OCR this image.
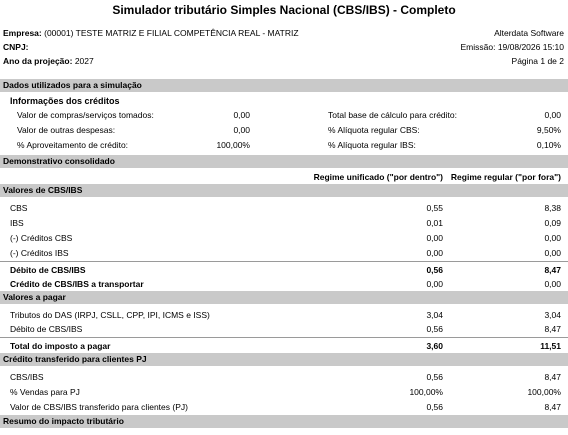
Simulador tributário Simples Nacional (CBS/IBS) - Completo
Empresa: (00001) TESTE MATRIZ E FILIAL COMPETÊNCIA REAL - MATRIZ
CNPJ:
Ano da projeção: 2027
Alterdata Software
Emissão: 19/08/2026 15:10
Página 1 de 2
Dados utilizados para a simulação
Informações dos créditos
Valor de compras/serviços tomados:	0,00
Valor de outras despesas:	0,00
% Aproveitamento de crédito:	100,00%
Total base de cálculo para crédito:	0,00
% Alíquota regular CBS:	9,50%
% Alíquota regular IBS:	0,10%
Demonstrativo consolidado
Regime unificado ("por dentro") Regime regular ("por fora")
Valores de CBS/IBS
CBS	0,55	8,38
IBS	0,01	0,09
(-) Créditos CBS	0,00	0,00
(-) Créditos IBS	0,00	0,00
Débito de CBS/IBS	0,56	8,47
Crédito de CBS/IBS a transportar	0,00	0,00
Valores a pagar
Tributos do DAS (IRPJ, CSLL, CPP, IPI, ICMS e ISS)	3,04	3,04
Débito de CBS/IBS	0,56	8,47
Total do imposto a pagar	3,60	11,51
Crédito transferido para clientes PJ
CBS/IBS	0,56	8,47
% Vendas para PJ	100,00%	100,00%
Valor de CBS/IBS transferido para clientes (PJ)	0,56	8,47
Resumo do impacto tributário
